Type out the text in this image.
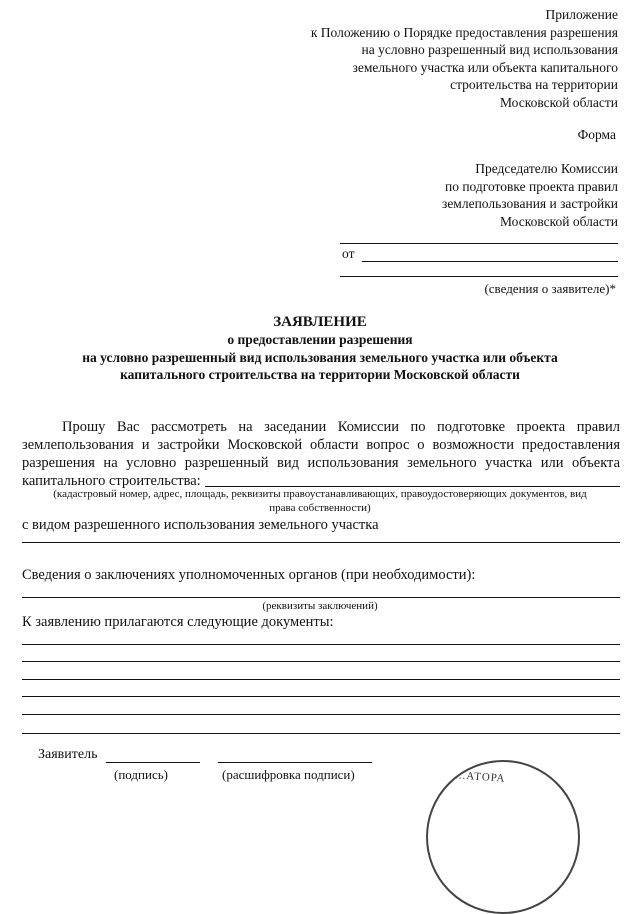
Приложение
к Положению о Порядке предоставления разрешения
на условно разрешенный вид использования
земельного участка или объекта капитального
строительства на территории
Московской области
Форма
Председателю Комиссии
по подготовке проекта правил
землепользования и застройки
Московской области
от
(сведения о заявителе)*
ЗАЯВЛЕНИЕ
о предоставлении разрешения
на условно разрешенный вид использования земельного участка или объекта
капитального строительства на территории Московской области
Прошу Вас рассмотреть на заседании Комиссии по подготовке проекта правил землепользования и застройки Московской области вопрос о возможности предоставления разрешения на условно разрешенный вид использования земельного участка или объекта капитального строительства:
(кадастровый номер, адрес, площадь, реквизиты правоустанавливающих, правоудостоверяющих документов, вид
права собственности)
с видом разрешенного использования земельного участка
Сведения о заключениях уполномоченных органов (при необходимости):
(реквизиты заключений)
К заявлению прилагаются следующие документы:
Заявитель
(подпись)	(расшифровка подписи)	...АТОРА
